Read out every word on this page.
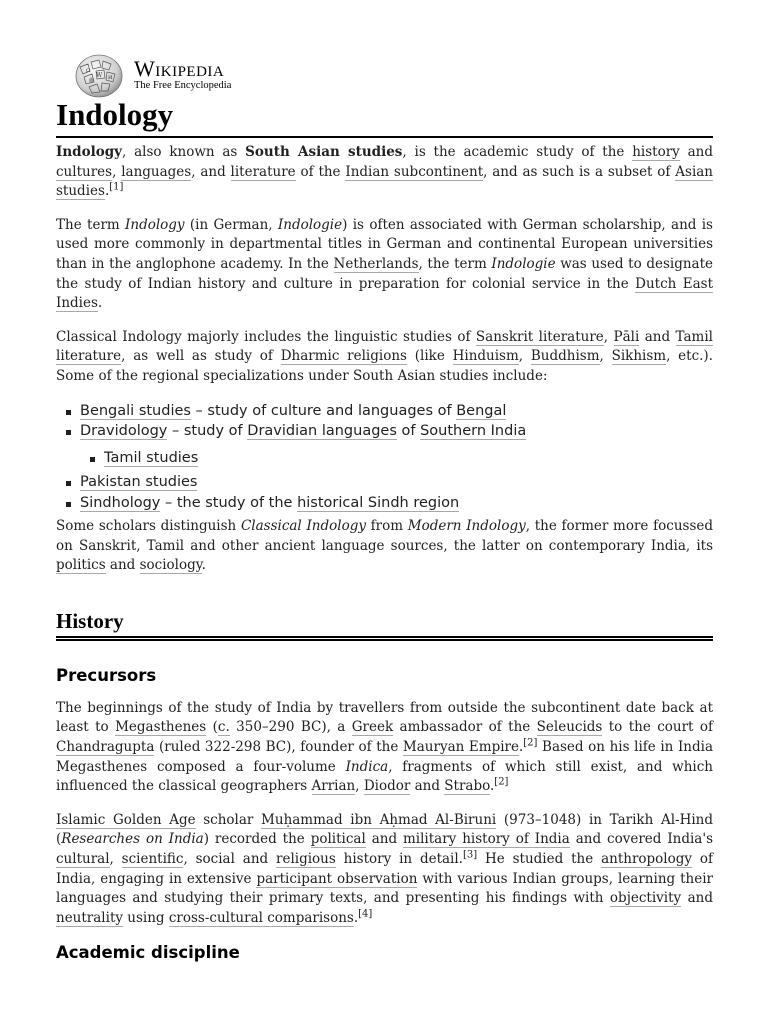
Ω
W И
維 Wikipedia
The Free Encyclopedia
Indology

Indology, also known as South Asian studies, is the academic study of the history and cultures, languages, and literature of the Indian subcontinent, and as such is a subset of Asian studies.[1]

The term Indology (in German, Indologie) is often associated with German scholarship, and is used more commonly in departmental titles in German and continental European universities than in the anglophone academy. In the Netherlands, the term Indologie was used to designate the study of Indian history and culture in preparation for colonial service in the Dutch East Indies.

Classical Indology majorly includes the linguistic studies of Sanskrit literature, Pāli and Tamil literature, as well as study of Dharmic religions (like Hinduism, Buddhism, Sikhism, etc.). Some of the regional specializations under South Asian studies include:

Bengali studies – study of culture and languages of Bengal
Dravidology – study of Dravidian languages of Southern India
Tamil studies
Pakistan studies
Sindhology – the study of the historical Sindh region

Some scholars distinguish Classical Indology from Modern Indology, the former more focussed on Sanskrit, Tamil and other ancient language sources, the latter on contemporary India, its politics and sociology.

History
Precursors

The beginnings of the study of India by travellers from outside the subcontinent date back at least to Megasthenes (c. 350–290 BC), a Greek ambassador of the Seleucids to the court of Chandragupta (ruled 322-298 BC), founder of the Mauryan Empire.[2] Based on his life in India Megasthenes composed a four-volume Indica, fragments of which still exist, and which influenced the classical geographers Arrian, Diodor and Strabo.[2]

Islamic Golden Age scholar Muḥammad ibn Aḥmad Al-Biruni (973–1048) in Tarikh Al-Hind (Researches on India) recorded the political and military history of India and covered India's cultural, scientific, social and religious history in detail.[3] He studied the anthropology of India, engaging in extensive participant observation with various Indian groups, learning their languages and studying their primary texts, and presenting his findings with objectivity and neutrality using cross-cultural comparisons.[4]

Academic discipline
